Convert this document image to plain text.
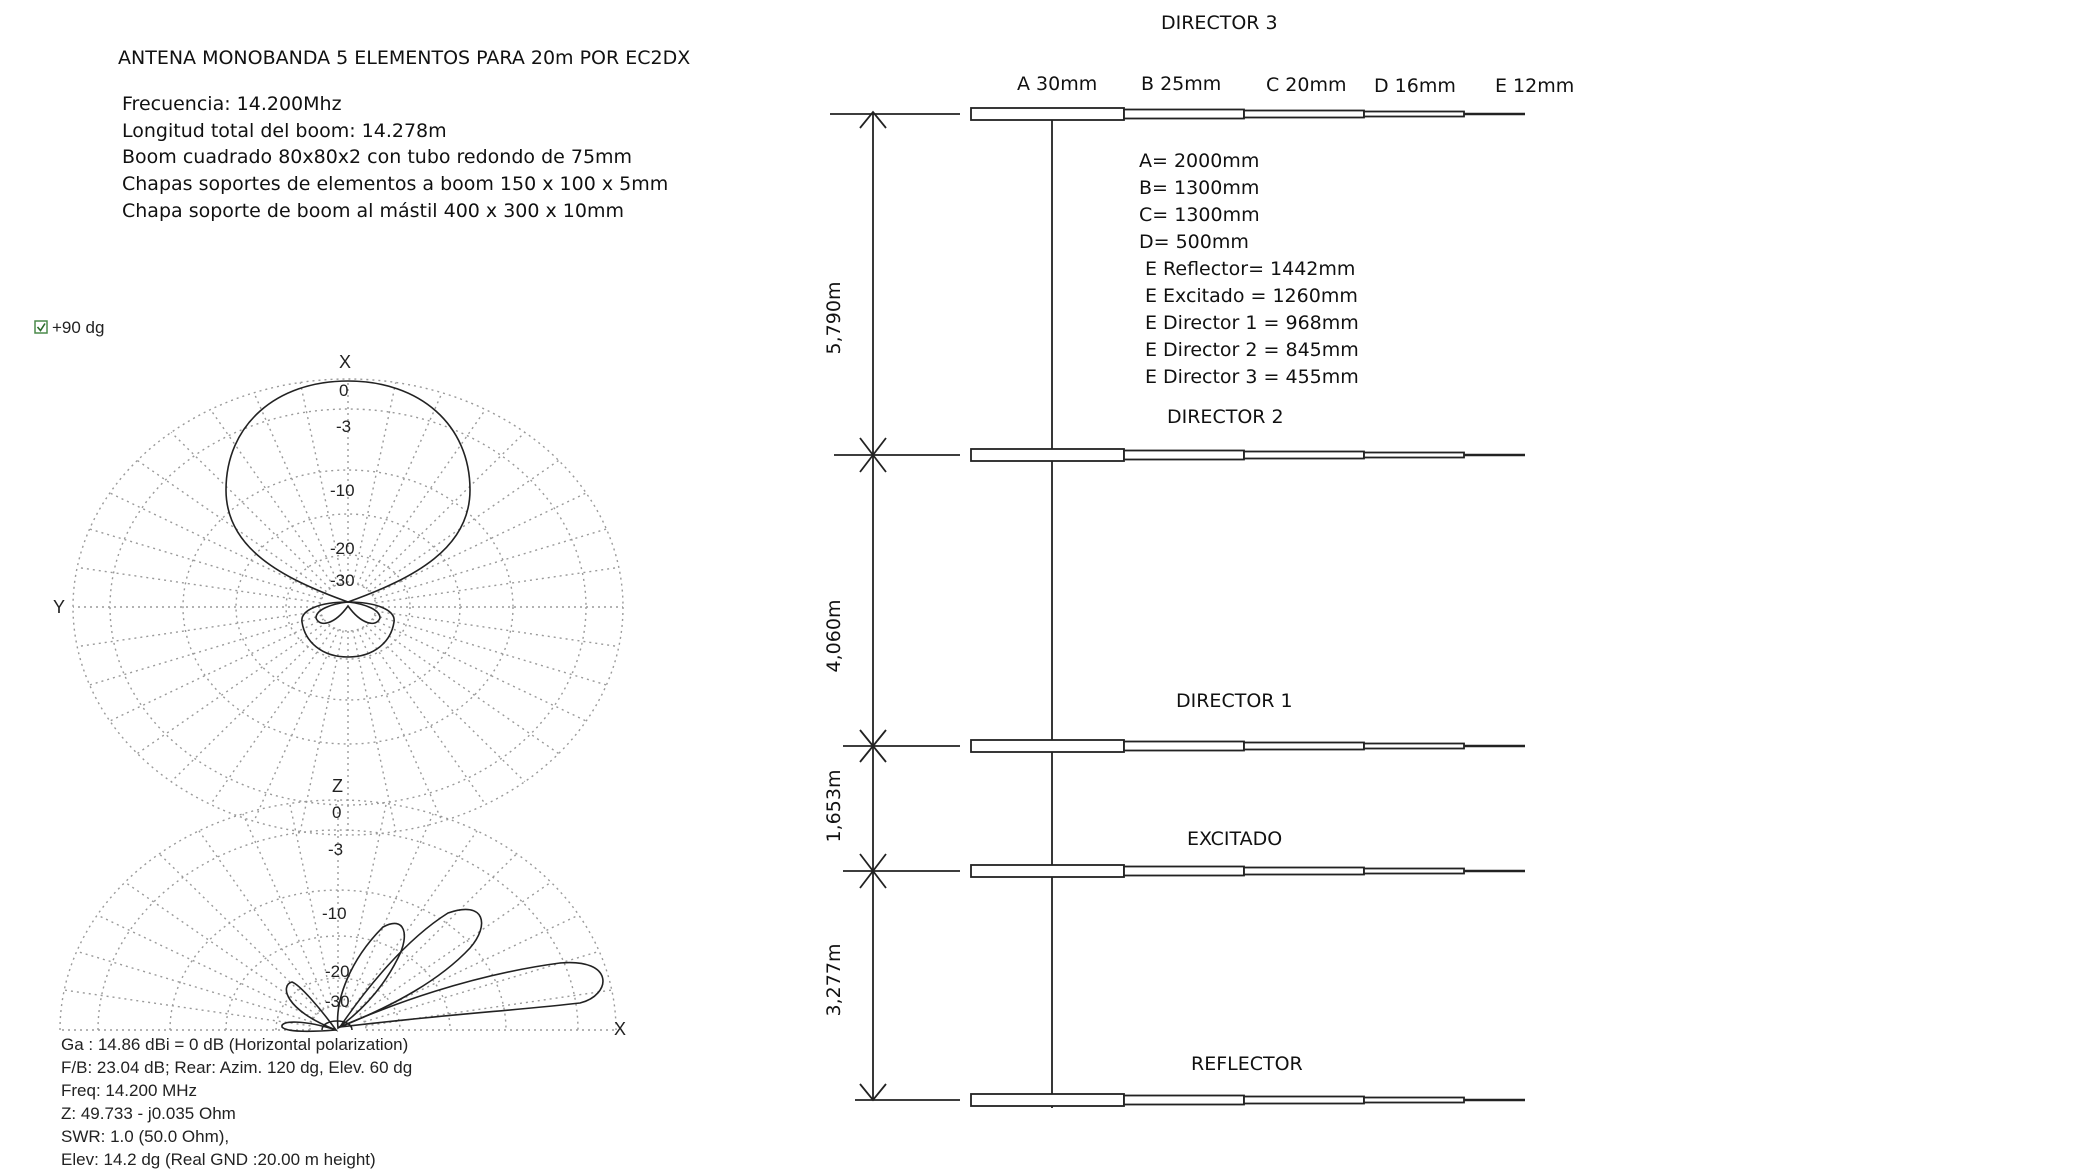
ANTENA MONOBANDA 5 ELEMENTOS PARA 20m POR EC2DX
Frecuencia: 14.200Mhz
Longitud total del boom: 14.278m
Boom cuadrado 80x80x2 con tubo redondo de 75mm
Chapas soportes de elementos a boom 150 x 100 x 5mm
Chapa soporte de boom al mástil 400 x 300 x 10mm
+90 dg
X
Y
0
-3
-10
-20
-30
Z
X
0
-3
-10
-20
-30
Ga : 14.86 dBi = 0 dB (Horizontal polarization)
F/B: 23.04 dB; Rear: Azim. 120 dg, Elev. 60 dg
Freq: 14.200 MHz
Z: 49.733 - j0.035 Ohm
SWR: 1.0 (50.0 Ohm),
Elev: 14.2 dg (Real GND :20.00 m height)
A 30mm B 25mm C 20mm D 16mm E 12mm
A= 2000mm
B= 1300mm
C= 1300mm
D= 500mm
E Reflector= 1442mm
E Excitado = 1260mm
E Director 1 = 968mm
E Director 2 = 845mm
E Director 3 = 455mm
DIRECTOR 3
DIRECTOR 2
DIRECTOR 1
EXCITADO
REFLECTOR
5,790m
4,060m
1,653m
3,277m
